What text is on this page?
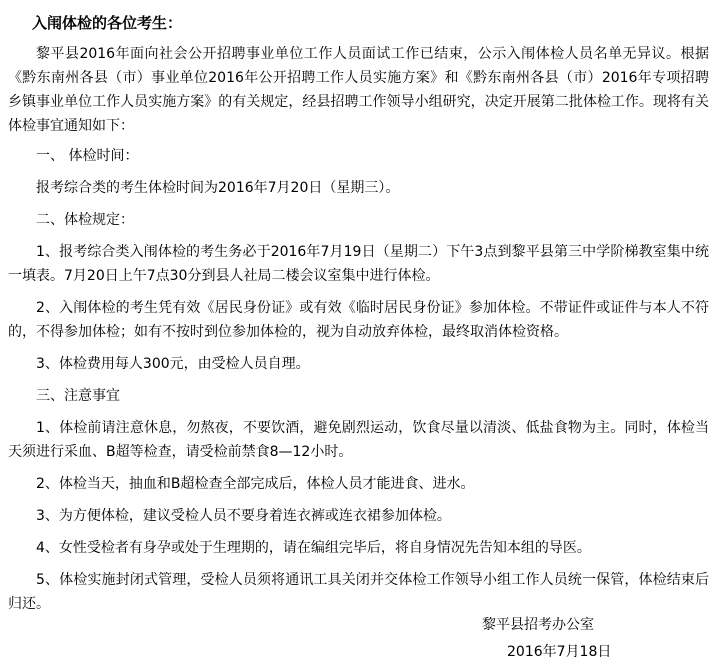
入闱体检的各位考生：
黎平县2016年面向社会公开招聘事业单位工作人员面试工作已结束，公示入闱体检人员名单无异议。根据《黔东南州各县（市）事业单位2016年公开招聘工作人员实施方案》和《黔东南州各县（市）2016年专项招聘乡镇事业单位工作人员实施方案》的有关规定，经县招聘工作领导小组研究，决定开展第二批体检工作。现将有关体检事宜通知如下：
一、 体检时间：
报考综合类的考生体检时间为2016年7月20日（星期三）。
二、体检规定：
1、报考综合类入闱体检的考生务必于2016年7月19日（星期二）下午3点到黎平县第三中学阶梯教室集中统一填表。7月20日上午7点30分到县人社局二楼会议室集中进行体检。
2、入闱体检的考生凭有效《居民身份证》或有效《临时居民身份证》参加体检。不带证件或证件与本人不符的，不得参加体检；如有不按时到位参加体检的，视为自动放弃体检，最终取消体检资格。
3、体检费用每人300元，由受检人员自理。
三、注意事宜
1、体检前请注意休息，勿熬夜，不要饮酒，避免剧烈运动，饮食尽量以清淡、低盐食物为主。同时，体检当天须进行采血、B超等检查，请受检前禁食8—12小时。
2、体检当天，抽血和B超检查全部完成后，体检人员才能进食、进水。
3、为方便体检，建议受检人员不要身着连衣裤或连衣裙参加体检。
4、女性受检者有身孕或处于生理期的，请在编组完毕后，将自身情况先告知本组的导医。
5、体检实施封闭式管理，受检人员须将通讯工具关闭并交体检工作领导小组工作人员统一保管，体检结束后归还。
黎平县招考办公室
2016年7月18日
